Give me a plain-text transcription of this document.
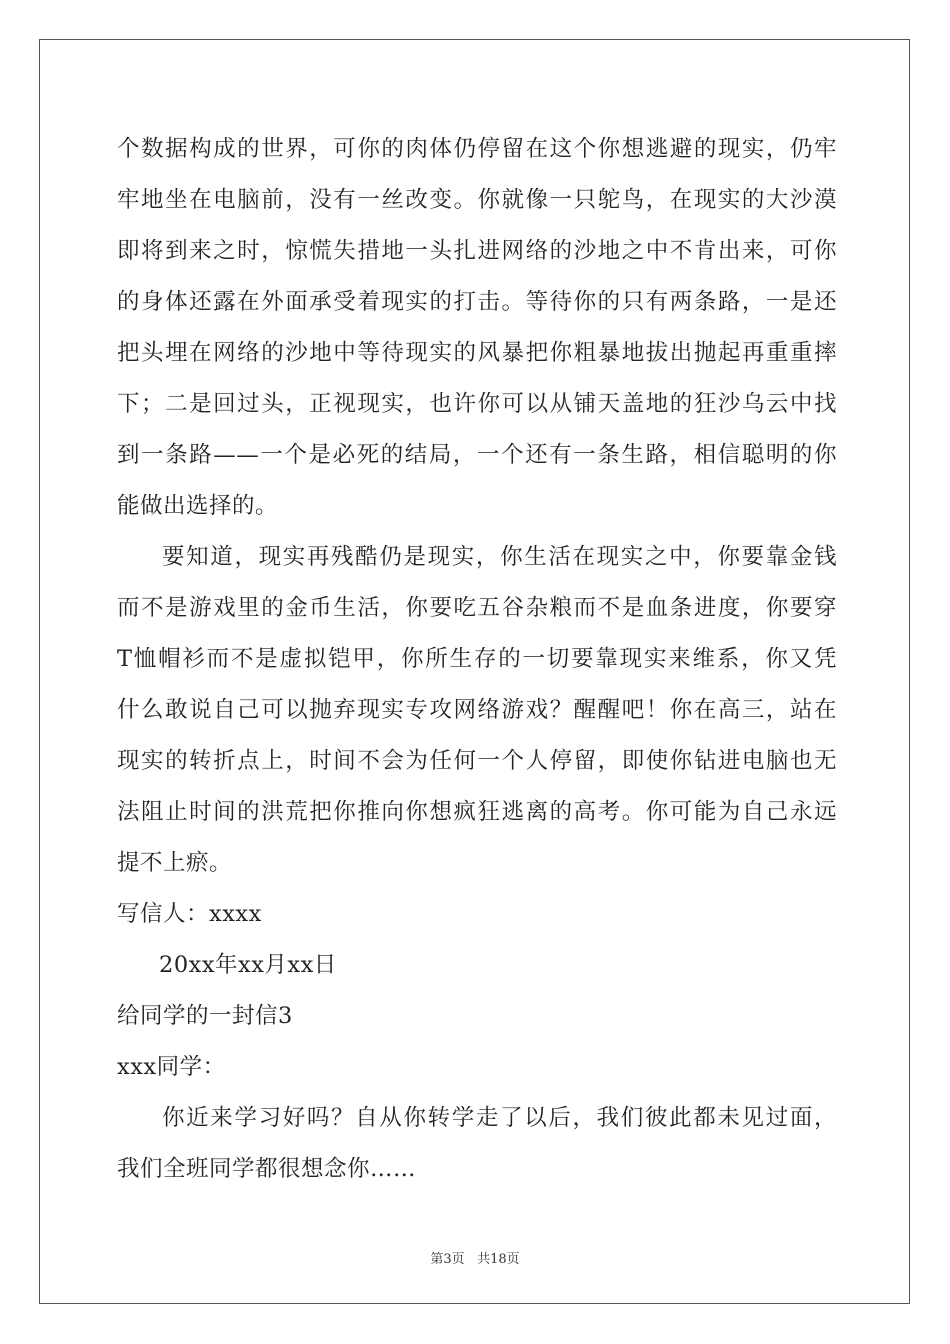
个数据构成的世界，可你的肉体仍停留在这个你想逃避的现实，仍牢
牢地坐在电脑前，没有一丝改变。你就像一只鸵鸟，在现实的大沙漠
即将到来之时，惊慌失措地一头扎进网络的沙地之中不肯出来，可你
的身体还露在外面承受着现实的打击。等待你的只有两条路，一是还
把头埋在网络的沙地中等待现实的风暴把你粗暴地拔出抛起再重重摔
下；二是回过头，正视现实，也许你可以从铺天盖地的狂沙乌云中找
到一条路——一个是必死的结局，一个还有一条生路，相信聪明的你
能做出选择的。
要知道，现实再残酷仍是现实，你生活在现实之中，你要靠金钱
而不是游戏里的金币生活，你要吃五谷杂粮而不是血条进度，你要穿
T恤帽衫而不是虚拟铠甲，你所生存的一切要靠现实来维系，你又凭
什么敢说自己可以抛弃现实专攻网络游戏？醒醒吧！你在高三，站在
现实的转折点上，时间不会为任何一个人停留，即使你钻进电脑也无
法阻止时间的洪荒把你推向你想疯狂逃离的高考。你可能为自己永远
提不上瘀。
写信人：xxxx
20xx年xx月xx日
给同学的一封信3
xxx同学：
你近来学习好吗？自从你转学走了以后，我们彼此都未见过面，
我们全班同学都很想念你……
第3页 共18页
